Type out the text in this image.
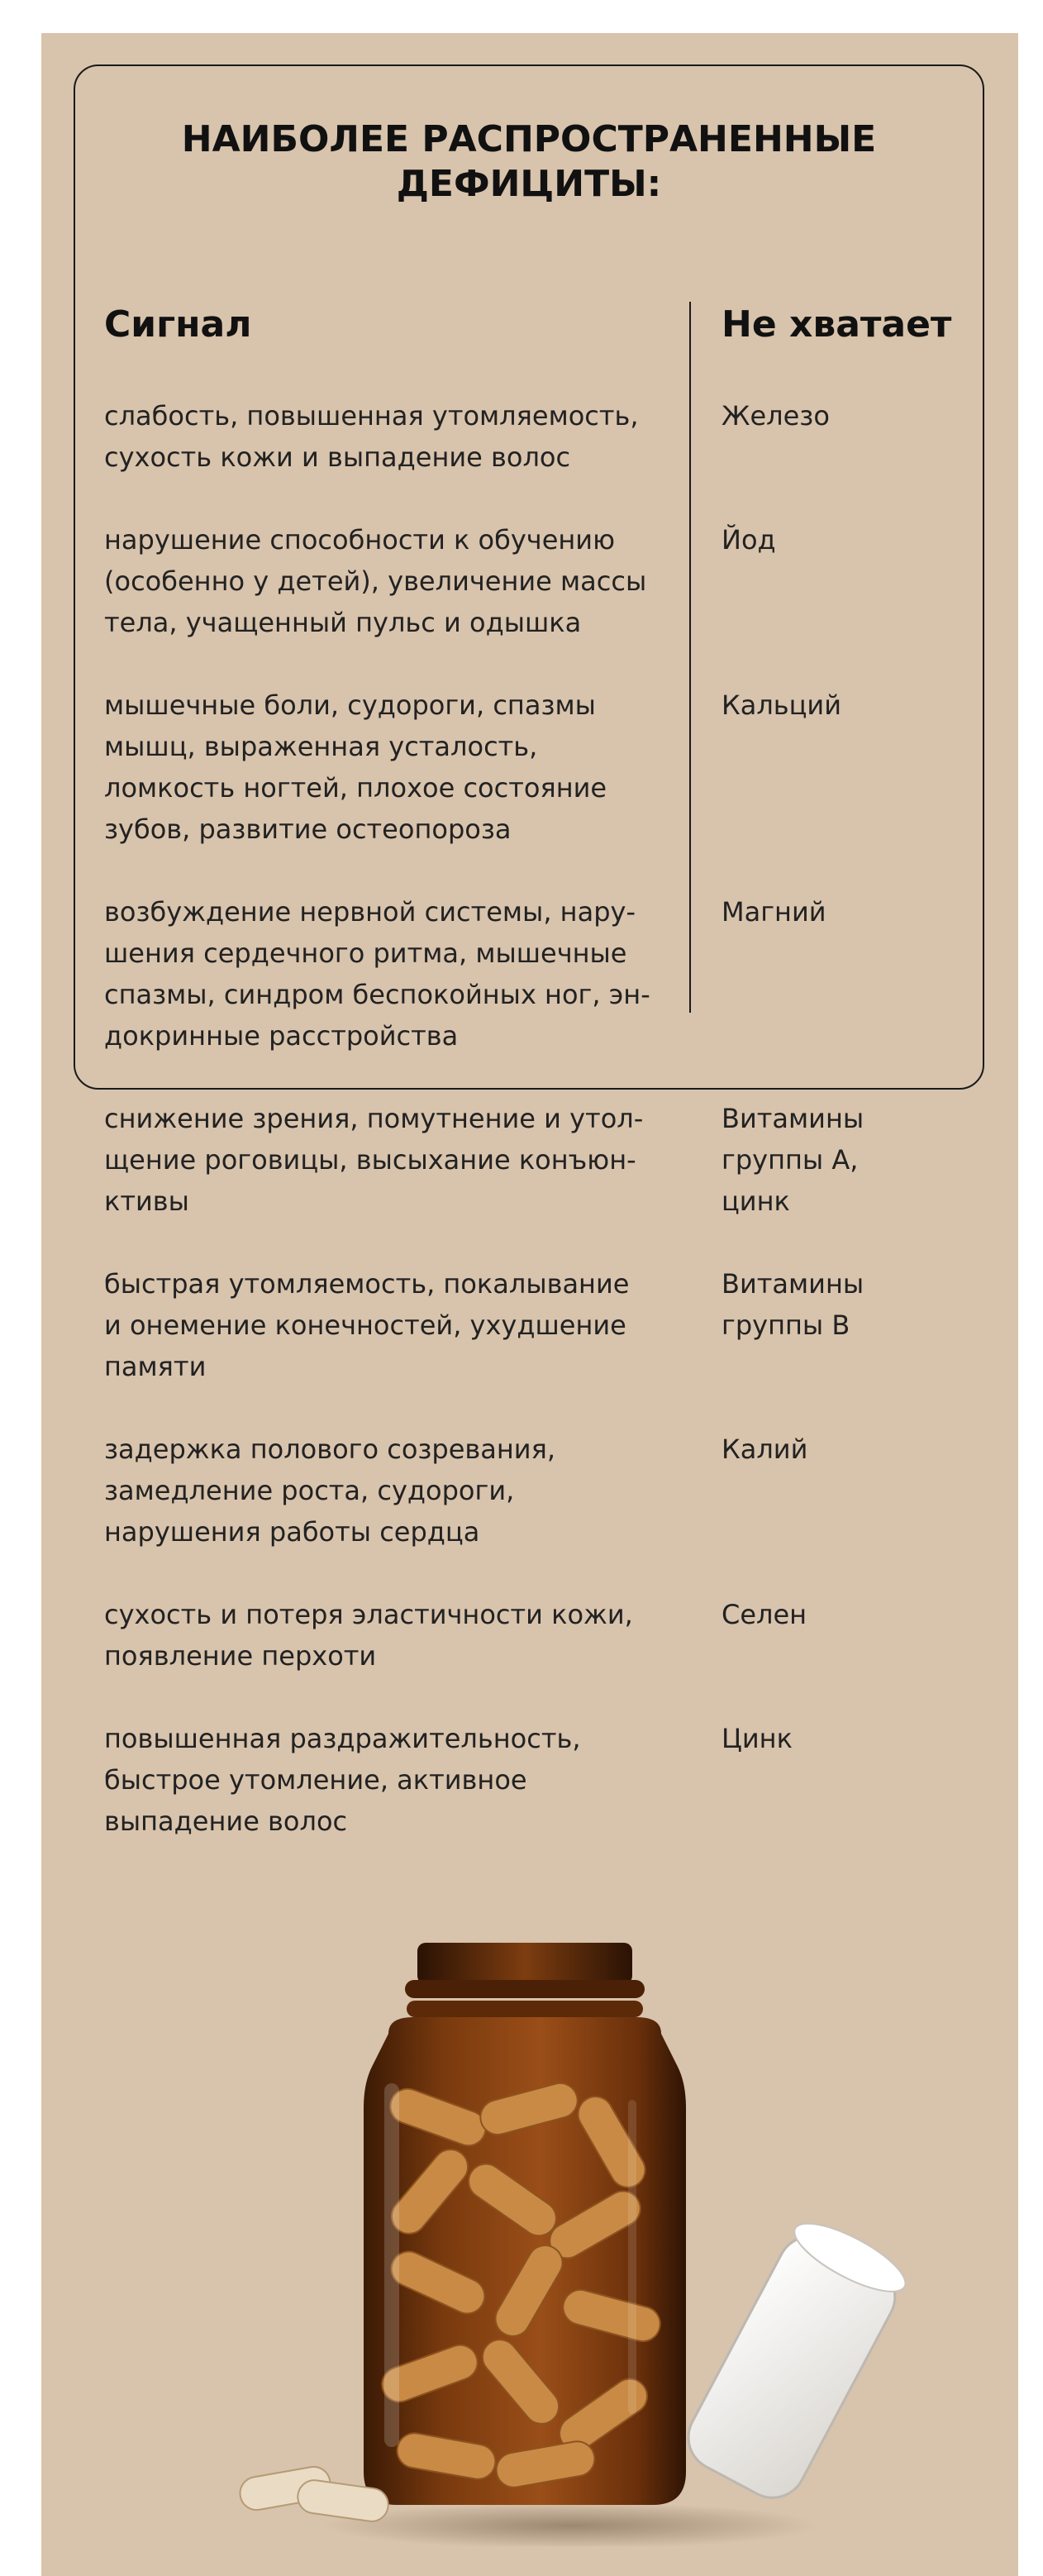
НАИБОЛЕЕ РАСПРОСТРАНЕННЫЕ
ДЕФИЦИТЫ:
Сигнал	Не хватает
слабость, повышенная утомляемость,
сухость кожи и выпадение волос
Железо
нарушение способности к обучению
(особенно у детей), увеличение массы
тела, учащенный пульс и одышка
Йод
мышечные боли, судороги, спазмы
мышц, выраженная усталость,
ломкость ногтей, плохое состояние
зубов, развитие остеопороза
Кальций
возбуждение нервной системы, нару-
шения сердечного ритма, мышечные
спазмы, синдром беспокойных ног, эн-
докринные расстройства
Магний
снижение зрения, помутнение и утол-
щение роговицы, высыхание конъюн-
ктивы
Витамины
группы А,
цинк
быстрая утомляемость, покалывание
и онемение конечностей, ухудшение
памяти
Витамины
группы В
задержка полового созревания,
замедление роста, судороги,
нарушения работы сердца
Калий
сухость и потеря эластичности кожи,
появление перхоти
Селен
повышенная раздражительность,
быстрое утомление, активное
выпадение волос
Цинк
